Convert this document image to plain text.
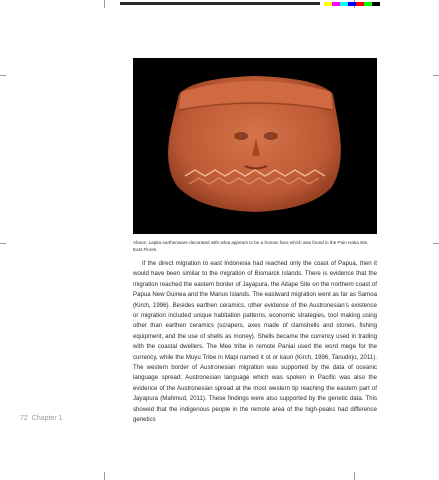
Above: Lapita earthenware decorated with what appears to be a human face which was found in the Pain Haka site, East Flores.

If the direct migration to east Indonesia had reached only the coast of Papua, then it would have been similar to the migration of Bismarck Islands. There is evidence that the migration reached the eastern border of Jayapura, the Aitape Site on the northern coast of Papua New Guinea and the Manus Islands. The eastward migration went as far as Samoa (Kirch, 1996). Besides earthen ceramics, other evidence of the Austronesian's existence or migration included unique habitation patterns, economic strategies, tool making using other than earthen ceramics (scrapers, axes made of clamshells and stones, fishing equipment, and the use of shells as money). Shells became the currency used in trading with the coastal dwellers. The Mee tribe in remote Paniai used the word mege for the currency, while the Muyu Tribe in Mapi named it ot or kauri (Kirch, 1996, Tanudirjo, 2011). The western border of Austronesian migration was supported by the data of oceanic language spread; Austronesian language which was spoken in Pacific was also the evidence of the Austronesian spread at the most western tip reaching the eastern part of Jayapura (Mahmud, 2011). These findings were also supported by the genetic data. This showed that the indigenous people in the remote area of the high-peaks had difference genetics

72 Chapter 1
